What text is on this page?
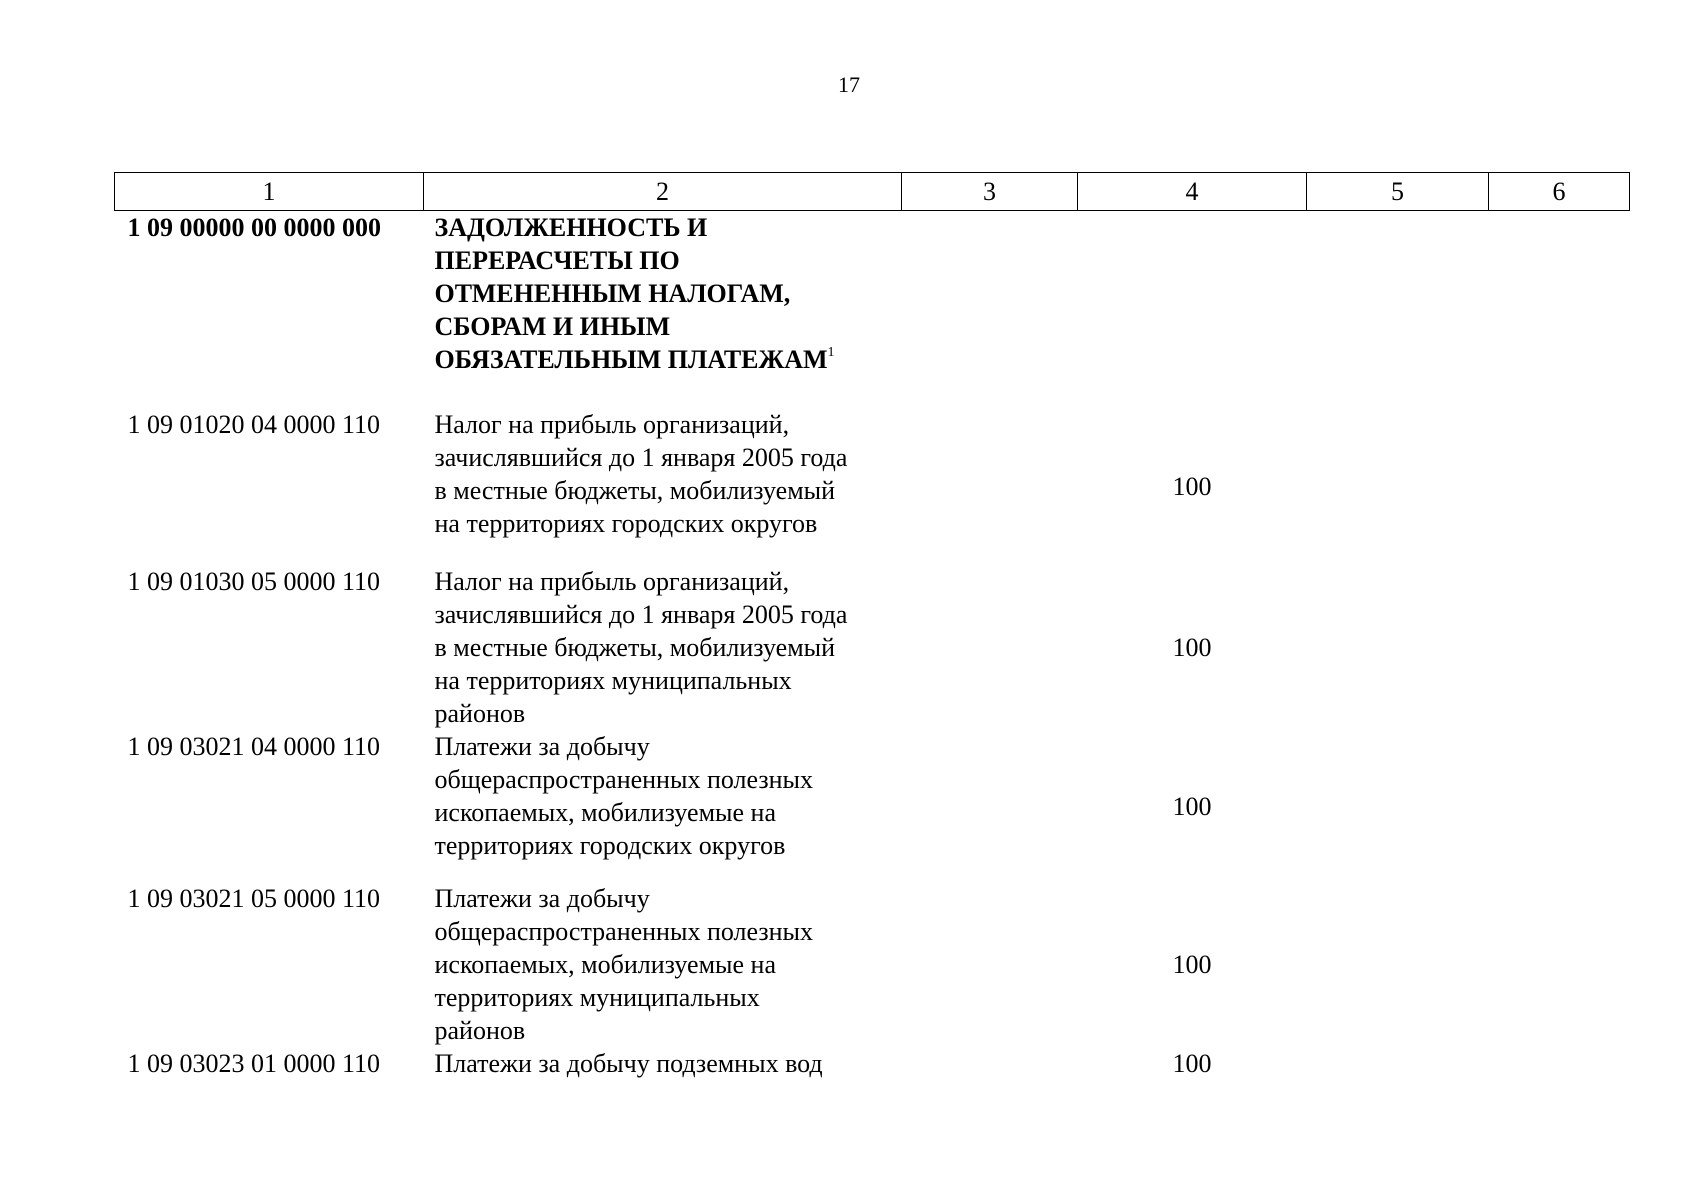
17
1	2	3	4	5	6
1 09 00000 00 0000 000	ЗАДОЛЖЕННОСТЬ И
ПЕРЕРАСЧЕТЫ ПО
ОТМЕНЕННЫМ НАЛОГАМ,
СБОРАМ И ИНЫМ
ОБЯЗАТЕЛЬНЫМ ПЛАТЕЖАМ$^1$

1 09 01020 04 0000 110	Налог на прибыль организаций,
зачислявшийся до 1 января 2005 года
в местные бюджеты, мобилизуемый
на территориях городских округов		100		
1 09 01030 05 0000 110	Налог на прибыль организаций,
зачислявшийся до 1 января 2005 года
в местные бюджеты, мобилизуемый
на территориях муниципальных
районов		100		
1 09 03021 04 0000 110	Платежи за добычу
общераспространенных полезных
ископаемых, мобилизуемые на
территориях городских округов		100		
1 09 03021 05 0000 110	Платежи за добычу
общераспространенных полезных
ископаемых, мобилизуемые на
территориях муниципальных
районов		100		
1 09 03023 01 0000 110	Платежи за добычу подземных вод		100		
